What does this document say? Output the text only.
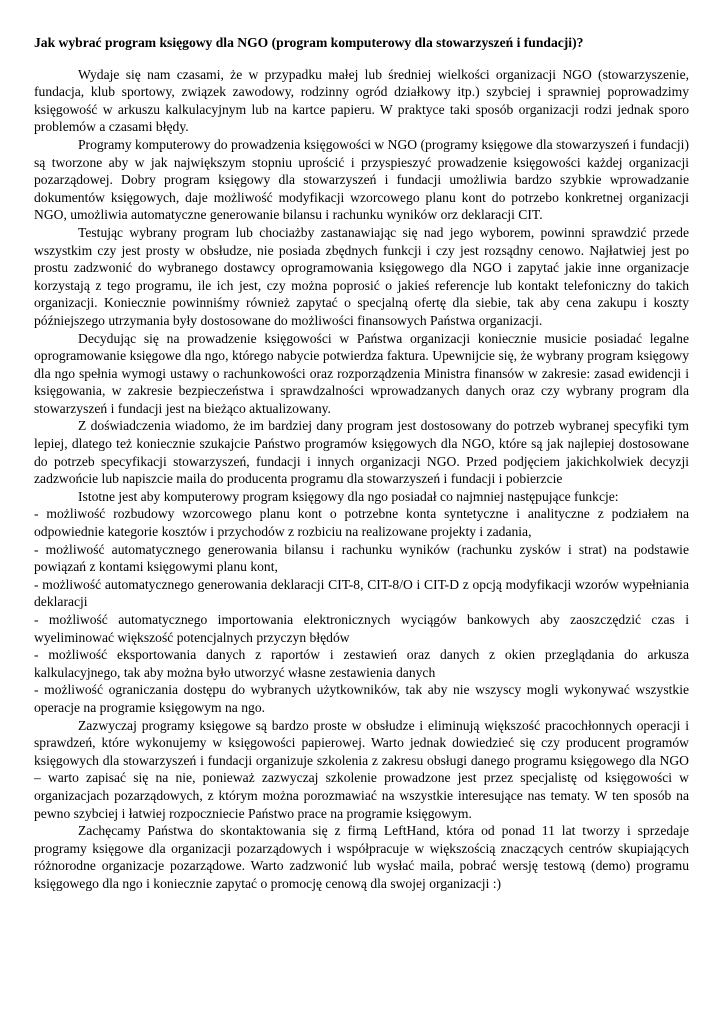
Jak wybrać program księgowy dla NGO (program komputerowy dla stowarzyszeń i fundacji)?

Wydaje się nam czasami, że w przypadku małej lub średniej wielkości organizacji NGO (stowarzyszenie, fundacja, klub sportowy, związek zawodowy, rodzinny ogród działkowy itp.) szybciej i sprawniej poprowadzimy księgowość w arkuszu kalkulacyjnym lub na kartce papieru. W praktyce taki sposób organizacji rodzi jednak sporo problemów a czasami błędy.

Programy komputerowy do prowadzenia księgowości w NGO (programy księgowe dla stowarzyszeń i fundacji) są tworzone aby w jak największym stopniu uprościć i przyspieszyć prowadzenie księgowości każdej organizacji pozarządowej. Dobry program księgowy dla stowarzyszeń i fundacji umożliwia bardzo szybkie wprowadzanie dokumentów księgowych, daje możliwość modyfikacji wzorcowego planu kont do potrzebo konkretnej organizacji NGO, umożliwia automatyczne generowanie bilansu i rachunku wyników orz deklaracji CIT.

Testując wybrany program lub chociażby zastanawiając się nad jego wyborem, powinni sprawdzić przede wszystkim czy jest prosty w obsłudze, nie posiada zbędnych funkcji i czy jest rozsądny cenowo. Najłatwiej jest po prostu zadzwonić do wybranego dostawcy oprogramowania księgowego dla NGO i zapytać jakie inne organizacje korzystają z tego programu, ile ich jest, czy można poprosić o jakieś referencje lub kontakt telefoniczny do takich organizacji. Koniecznie powinniśmy również zapytać o specjalną ofertę dla siebie, tak aby cena zakupu i koszty późniejszego utrzymania były dostosowane do możliwości finansowych Państwa organizacji.

Decydując się na prowadzenie księgowości w Państwa organizacji koniecznie musicie posiadać legalne oprogramowanie księgowe dla ngo, którego nabycie potwierdza faktura. Upewnijcie się, że wybrany program księgowy dla ngo spełnia wymogi ustawy o rachunkowości oraz rozporządzenia Ministra finansów w zakresie: zasad ewidencji i księgowania, w zakresie bezpieczeństwa i sprawdzalności wprowadzanych danych oraz czy wybrany program dla stowarzyszeń i fundacji jest na bieżąco aktualizowany.

Z doświadczenia wiadomo, że im bardziej dany program jest dostosowany do potrzeb wybranej specyfiki tym lepiej, dlatego też koniecznie szukajcie Państwo programów księgowych dla NGO, które są jak najlepiej dostosowane do potrzeb specyfikacji stowarzyszeń, fundacji i innych organizacji NGO. Przed podjęciem jakichkolwiek decyzji zadzwońcie lub napiszcie maila do producenta programu dla stowarzyszeń i fundacji i pobierzcie

Istotne jest aby komputerowy program księgowy dla ngo posiadał co najmniej następujące funkcje:

- możliwość rozbudowy wzorcowego planu kont o potrzebne konta syntetyczne i analityczne z podziałem na odpowiednie kategorie kosztów i przychodów z rozbiciu na realizowane projekty i zadania,

- możliwość automatycznego generowania bilansu i rachunku wyników (rachunku zysków i strat) na podstawie powiązań z kontami księgowymi planu kont,

- możliwość automatycznego generowania deklaracji CIT-8, CIT-8/O i CIT-D z opcją modyfikacji wzorów wypełniania deklaracji

- możliwość automatycznego importowania elektronicznych wyciągów bankowych aby zaoszczędzić czas i wyeliminować większość potencjalnych przyczyn błędów

- możliwość eksportowania danych z raportów i zestawień oraz danych z okien przeglądania do arkusza kalkulacyjnego, tak aby można było utworzyć własne zestawienia danych

- możliwość ograniczania dostępu do wybranych użytkowników, tak aby nie wszyscy mogli wykonywać wszystkie operacje na programie księgowym na ngo.

Zazwyczaj programy księgowe są bardzo proste w obsłudze i eliminują większość pracochłonnych operacji i sprawdzeń, które wykonujemy w księgowości papierowej. Warto jednak dowiedzieć się czy producent programów księgowych dla stowarzyszeń i fundacji organizuje szkolenia z zakresu obsługi danego programu księgowego dla NGO – warto zapisać się na nie, ponieważ zazwyczaj szkolenie prowadzone jest przez specjalistę od księgowości w organizacjach pozarządowych, z którym można porozmawiać na wszystkie interesujące nas tematy. W ten sposób na pewno szybciej i łatwiej rozpoczniecie Państwo prace na programie księgowym.

Zachęcamy Państwa do skontaktowania się z firmą LeftHand, która od ponad 11 lat tworzy i sprzedaje programy księgowe dla organizacji pozarządowych i współpracuje w większością znaczących centrów skupiających różnorodne organizacje pozarządowe. Warto zadzwonić lub wysłać maila, pobrać wersję testową (demo) programu księgowego dla ngo i koniecznie zapytać o promocję cenową dla swojej organizacji :)
